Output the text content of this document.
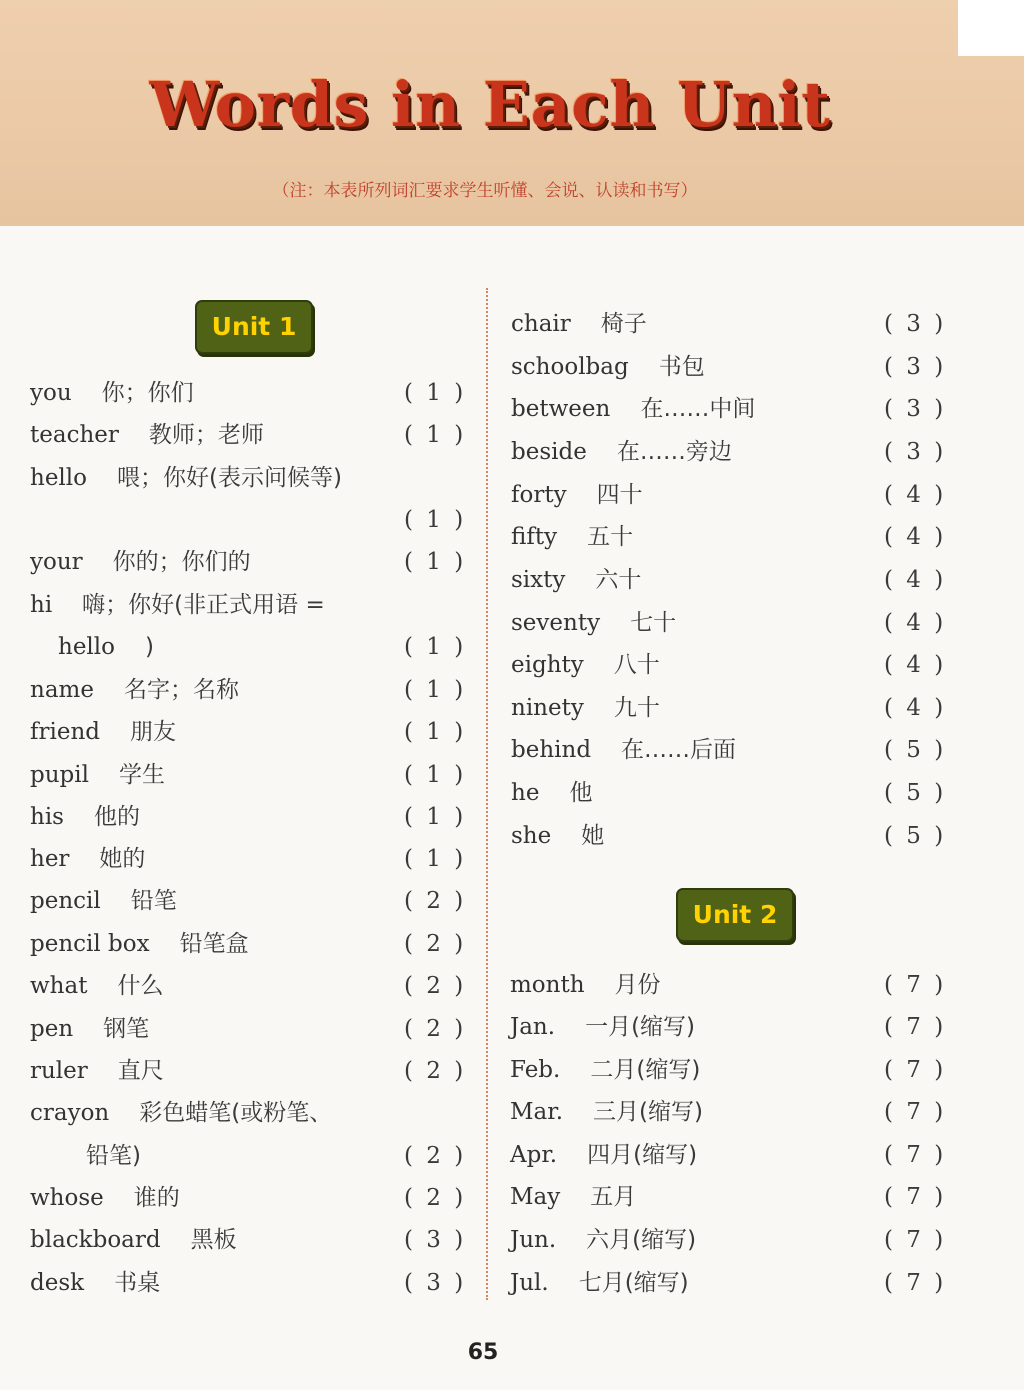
Words in Each Unit
（注：本表所列词汇要求学生听懂、会说、认读和书写）
Unit 1
Unit 2
you 你；你们	( 1 )
teacher 教师；老师	( 1 )
hello 喂；你好(表示问候等)
( 1 )
your 你的；你们的	( 1 )
hi 嗨；你好(非正式用语 =
hello )	( 1 )
name 名字；名称	( 1 )
friend 朋友	( 1 )
pupil 学生	( 1 )
his 他的	( 1 )
her 她的	( 1 )
pencil 铅笔	( 2 )
pencil box 铅笔盒	( 2 )
what 什么	( 2 )
pen 钢笔	( 2 )
ruler 直尺	( 2 )
crayon 彩色蜡笔(或粉笔、
铅笔)	( 2 )
whose 谁的	( 2 )
blackboard 黑板	( 3 )
desk 书桌	( 3 )
chair 椅子	( 3 )
schoolbag 书包	( 3 )
between 在……中间	( 3 )
beside 在……旁边	( 3 )
forty 四十	( 4 )
fifty 五十	( 4 )
sixty 六十	( 4 )
seventy 七十	( 4 )
eighty 八十	( 4 )
ninety 九十	( 4 )
behind 在……后面	( 5 )
he 他	( 5 )
she 她	( 5 )
month 月份	( 7 )
Jan. 一月(缩写)	( 7 )
Feb. 二月(缩写)	( 7 )
Mar. 三月(缩写)	( 7 )
Apr. 四月(缩写)	( 7 )
May 五月	( 7 )
Jun. 六月(缩写)	( 7 )
Jul. 七月(缩写)	( 7 )
65
